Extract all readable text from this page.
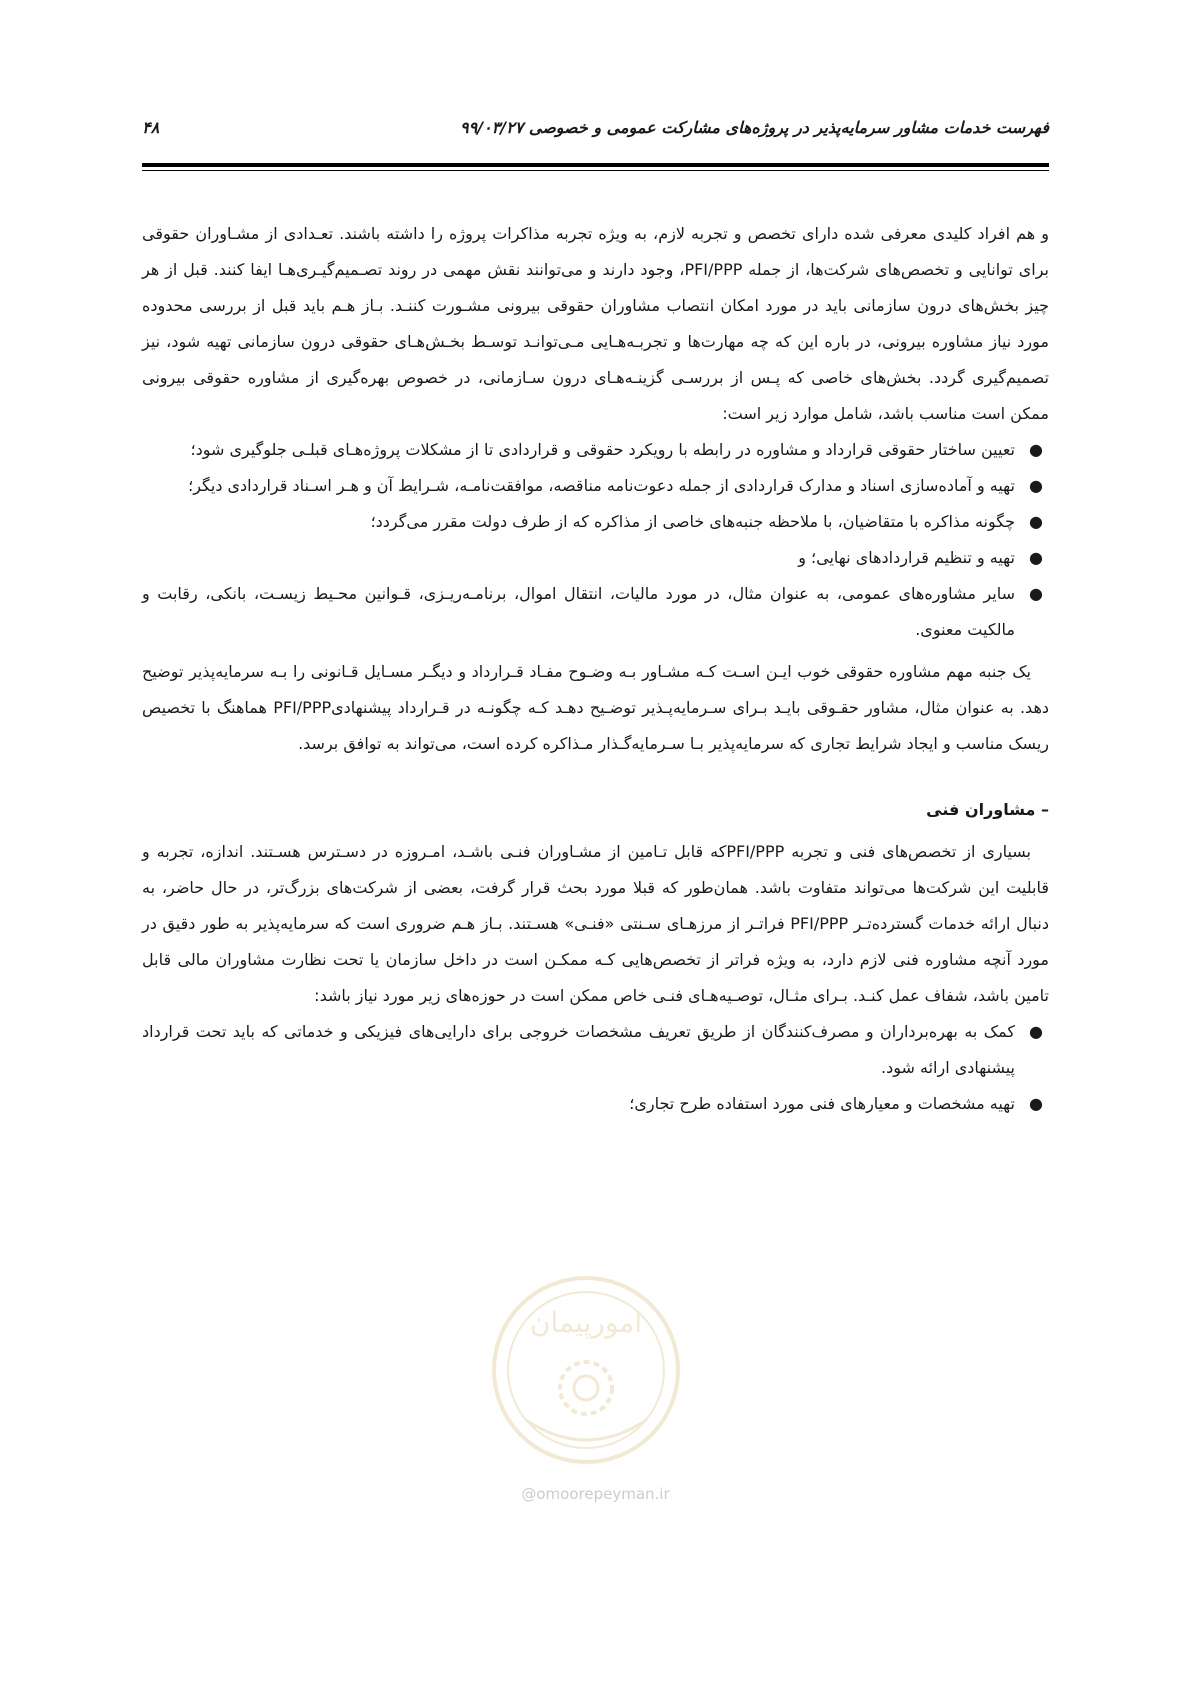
فهرست خدمات مشاور سرمایه‌پذیر در پروژه‌های مشارکت عمومی و خصوصی ۹۹/۰۳/۲۷
۴۸

و هم افراد کلیدی معرفی شده دارای تخصص و تجربه لازم، به ویژه تجربه مذاکرات پروژه را داشته باشند. تعـدادی از مشـاوران حقوقی برای توانایی و تخصص‌های شرکت‌ها، از جمله PFI/PPP، وجود دارند و می‌توانند نقش مهمی در روند تصـمیم‌گیـری‌هـا ایفا کنند. قبل از هر چیز بخش‌های درون سازمانی باید در مورد امکان انتصاب مشاوران حقوقی بیرونی مشـورت کننـد. بـاز هـم باید قبل از بررسی محدوده مورد نیاز مشاوره بیرونی، در باره این که چه مهارت‌ها و تجربـه‌هـایی مـی‌توانـد توسـط بخـش‌هـای حقوقی درون سازمانی تهیه شود، نیز تصمیم‌گیری گردد. بخش‌های خاصی که پـس از بررسـی گزینـه‌هـای درون سـازمانی، در خصوص بهره‌گیری از مشاوره حقوقی بیرونی ممکن است مناسب باشد، شامل موارد زیر است:

●
تعیین ساختار حقوقی قرارداد و مشاوره در رابطه با رویکرد حقوقی و قراردادی تا از مشکلات پروژه‌هـای قبلـی جلوگیری شود؛
●
تهیه و آماده‌سازی اسناد و مدارک قراردادی از جمله دعوت‌نامه مناقصه، موافقت‌نامـه، شـرایط آن و هـر اسـناد قراردادی دیگر؛
●
چگونه مذاکره با متقاضیان، با ملاحظه جنبه‌های خاصی از مذاکره که از طرف دولت مقرر می‌گردد؛
●
تهیه و تنظیم قراردادهای نهایی؛ و
●
سایر مشاوره‌های عمومی، به عنوان مثال، در مورد مالیات، انتقال اموال، برنامـه‌ریـزی، قـوانین محـیط زیسـت، بانکی، رقابت و مالکیت معنوی.

یک جنبه مهم مشاوره حقوقی خوب ایـن اسـت کـه مشـاور بـه وضـوح مفـاد قـرارداد و دیگـر مسـایل قـانونی را بـه سرمایه‌پذیر توضیح دهد. به عنوان مثال، مشاور حقـوقی بایـد بـرای سـرمایه‌پـذیر توضـیح دهـد کـه چگونـه در قـرارداد پیشنهادیPFI/PPP هماهنگ با تخصیص ریسک مناسب و ایجاد شرایط تجاری که سرمایه‌پذیر بـا سـرمایه‌گـذار مـذاکره کرده است، می‌تواند به توافق برسد.

– مشاوران فنی

بسیاری از تخصص‌های فنی و تجربه PFI/PPPکه قابل تـامین از مشـاوران فنـی باشـد، امـروزه در دسـترس هسـتند. اندازه، تجربه و قابلیت این شرکت‌ها می‌تواند متفاوت باشد. همان‌طور که قبلا مورد بحث قرار گرفت، بعضی از شرکت‌های بزرگ‌تر، در حال حاضر، به دنبال ارائه خدمات گسترده‌تـر PFI/PPP فراتـر از مرزهـای سـنتی «فنـی» هسـتند. بـاز هـم ضروری است که سرمایه‌پذیر به طور دقیق در مورد آنچه مشاوره فنی لازم دارد، به ویژه فراتر از تخصص‌هایی کـه ممکـن است در داخل سازمان یا تحت نظارت مشاوران مالی قابل تامین باشد، شفاف عمل کنـد. بـرای مثـال، توصـیه‌هـای فنـی خاص ممکن است در حوزه‌های زیر مورد نیاز باشد:

●
کمک به بهره‌برداران و مصرف‌کنندگان از طریق تعریف مشخصات خروجی برای دارایی‌های فیزیکی و خدماتی که باید تحت قرارداد پیشنهادی ارائه شود.
●
تهیه مشخصات و معیارهای فنی مورد استفاده طرح تجاری؛
امورپیمان
@omoorepeyman.ir
